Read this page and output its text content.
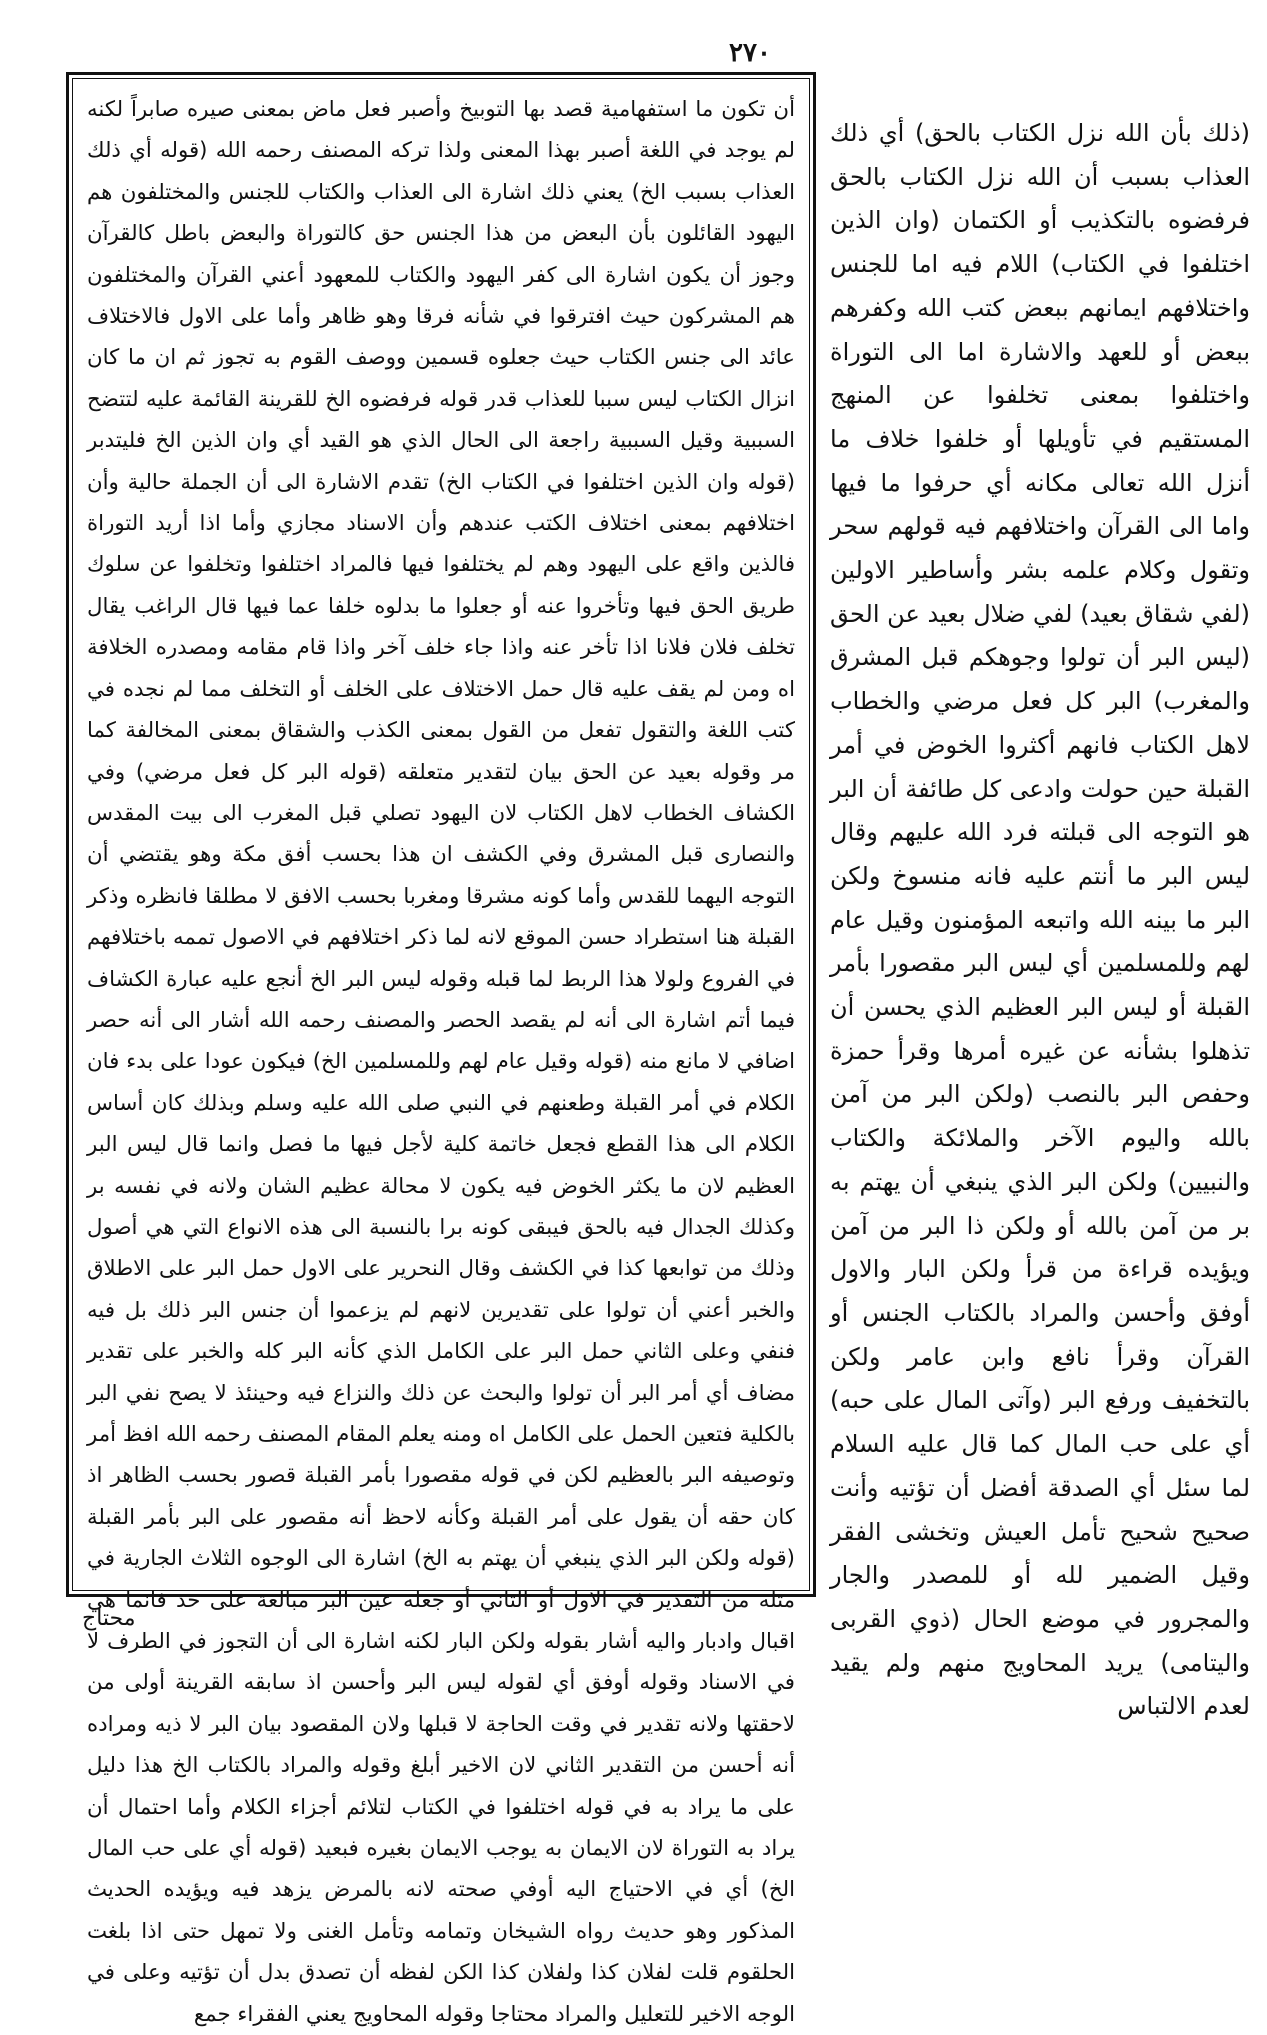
٢٧٠

أن تكون ما استفهامية قصد بها التوبيخ وأصبر فعل ماض بمعنى صيره صابراً لكنه لم يوجد في اللغة أصبر بهذا المعنى ولذا تركه المصنف رحمه الله (قوله أي ذلك العذاب بسبب الخ) يعني ذلك اشارة الى العذاب والكتاب للجنس والمختلفون هم اليهود القائلون بأن البعض من هذا الجنس حق كالتوراة والبعض باطل كالقرآن وجوز أن يكون اشارة الى كفر اليهود والكتاب للمعهود أعني القرآن والمختلفون هم المشركون حيث افترقوا في شأنه فرقا وهو ظاهر وأما على الاول فالاختلاف عائد الى جنس الكتاب حيث جعلوه قسمين ووصف القوم به تجوز ثم ان ما كان انزال الكتاب ليس سببا للعذاب قدر قوله فرفضوه الخ للقرينة القائمة عليه لتتضح السببية وقيل السببية راجعة الى الحال الذي هو القيد أي وان الذين الخ فليتدبر (قوله وان الذين اختلفوا في الكتاب الخ) تقدم الاشارة الى أن الجملة حالية وأن اختلافهم بمعنى اختلاف الكتب عندهم وأن الاسناد مجازي وأما اذا أريد التوراة فالذين واقع على اليهود وهم لم يختلفوا فيها فالمراد اختلفوا وتخلفوا عن سلوك طريق الحق فيها وتأخروا عنه أو جعلوا ما بدلوه خلفا عما فيها قال الراغب يقال تخلف فلان فلانا اذا تأخر عنه واذا جاء خلف آخر واذا قام مقامه ومصدره الخلافة اه ومن لم يقف عليه قال حمل الاختلاف على الخلف أو التخلف مما لم نجده في كتب اللغة والتقول تفعل من القول بمعنى الكذب والشقاق بمعنى المخالفة كما مر وقوله بعيد عن الحق بيان لتقدير متعلقه (قوله البر كل فعل مرضي) وفي الكشاف الخطاب لاهل الكتاب لان اليهود تصلي قبل المغرب الى بيت المقدس والنصارى قبل المشرق وفي الكشف ان هذا بحسب أفق مكة وهو يقتضي أن التوجه اليهما للقدس وأما كونه مشرقا ومغربا بحسب الافق لا مطلقا فانظره وذكر القبلة هنا استطراد حسن الموقع لانه لما ذكر اختلافهم في الاصول تممه باختلافهم في الفروع ولولا هذا الربط لما قبله وقوله ليس البر الخ أنجع عليه عبارة الكشاف فيما أتم اشارة الى أنه لم يقصد الحصر والمصنف رحمه الله أشار الى أنه حصر اضافي لا مانع منه (قوله وقيل عام لهم وللمسلمين الخ) فيكون عودا على بدء فان الكلام في أمر القبلة وطعنهم في النبي صلى الله عليه وسلم وبذلك كان أساس الكلام الى هذا القطع فجعل خاتمة كلية لأجل فيها ما فصل وانما قال ليس البر العظيم لان ما يكثر الخوض فيه يكون لا محالة عظيم الشان ولانه في نفسه بر وكذلك الجدال فيه بالحق فيبقى كونه برا بالنسبة الى هذه الانواع التي هي أصول وذلك من توابعها كذا في الكشف وقال النحرير على الاول حمل البر على الاطلاق والخبر أعني أن تولوا على تقديرين لانهم لم يزعموا أن جنس البر ذلك بل فيه فنفي وعلى الثاني حمل البر على الكامل الذي كأنه البر كله والخبر على تقدير مضاف أي أمر البر أن تولوا والبحث عن ذلك والنزاع فيه وحينئذ لا يصح نفي البر بالكلية فتعين الحمل على الكامل اه ومنه يعلم المقام المصنف رحمه الله افظ أمر وتوصيفه البر بالعظيم لكن في قوله مقصورا بأمر القبلة قصور بحسب الظاهر اذ كان حقه أن يقول على أمر القبلة وكأنه لاحظ أنه مقصور على البر بأمر القبلة (قوله ولكن البر الذي ينبغي أن يهتم به الخ) اشارة الى الوجوه الثلاث الجارية في مثله من التقدير في الاول أو الثاني أو جعله عين البر مبالغة على حد فانما هي اقبال وادبار واليه أشار بقوله ولكن البار لكنه اشارة الى أن التجوز في الطرف لا في الاسناد وقوله أوفق أي لقوله ليس البر وأحسن اذ سابقه القرينة أولى من لاحقتها ولانه تقدير في وقت الحاجة لا قبلها ولان المقصود بيان البر لا ذيه ومراده أنه أحسن من التقدير الثاني لان الاخير أبلغ وقوله والمراد بالكتاب الخ هذا دليل على ما يراد به في قوله اختلفوا في الكتاب لتلائم أجزاء الكلام وأما احتمال أن يراد به التوراة لان الايمان به يوجب الايمان بغيره فبعيد (قوله أي على حب المال الخ) أي في الاحتياج اليه أوفي صحته لانه بالمرض يزهد فيه ويؤيده الحديث المذكور وهو حديث رواه الشيخان وتمامه وتأمل الغنى ولا تمهل حتى اذا بلغت الحلقوم قلت لفلان كذا ولفلان كذا الكن لفظه أن تصدق بدل أن تؤتيه وعلى في الوجه الاخير للتعليل والمراد محتاجا وقوله المحاويج يعني الفقراء جمع

(ذلك بأن الله نزل الكتاب بالحق) أي ذلك العذاب بسبب أن الله نزل الكتاب بالحق فرفضوه بالتكذيب أو الكتمان (وان الذين اختلفوا في الكتاب) اللام فيه اما للجنس واختلافهم ايمانهم ببعض كتب الله وكفرهم ببعض أو للعهد والاشارة اما الى التوراة واختلفوا بمعنى تخلفوا عن المنهج المستقيم في تأويلها أو خلفوا خلاف ما أنزل الله تعالى مكانه أي حرفوا ما فيها واما الى القرآن واختلافهم فيه قولهم سحر وتقول وكلام علمه بشر وأساطير الاولين (لفي شقاق بعيد) لفي ضلال بعيد عن الحق (ليس البر أن تولوا وجوهكم قبل المشرق والمغرب) البر كل فعل مرضي والخطاب لاهل الكتاب فانهم أكثروا الخوض في أمر القبلة حين حولت وادعى كل طائفة أن البر هو التوجه الى قبلته فرد الله عليهم وقال ليس البر ما أنتم عليه فانه منسوخ ولكن البر ما بينه الله واتبعه المؤمنون وقيل عام لهم وللمسلمين أي ليس البر مقصورا بأمر القبلة أو ليس البر العظيم الذي يحسن أن تذهلوا بشأنه عن غيره أمرها وقرأ حمزة وحفص البر بالنصب (ولكن البر من آمن بالله واليوم الآخر والملائكة والكتاب والنبيين) ولكن البر الذي ينبغي أن يهتم به بر من آمن بالله أو ولكن ذا البر من آمن ويؤيده قراءة من قرأ ولكن البار والاول أوفق وأحسن والمراد بالكتاب الجنس أو القرآن وقرأ نافع وابن عامر ولكن بالتخفيف ورفع البر (وآتى المال على حبه) أي على حب المال كما قال عليه السلام لما سئل أي الصدقة أفضل أن تؤتيه وأنت صحيح شحيح تأمل العيش وتخشى الفقر وقيل الضمير لله أو للمصدر والجار والمجرور في موضع الحال (ذوي القربى واليتامى) يريد المحاويج منهم ولم يقيد لعدم الالتباس

محتاج
